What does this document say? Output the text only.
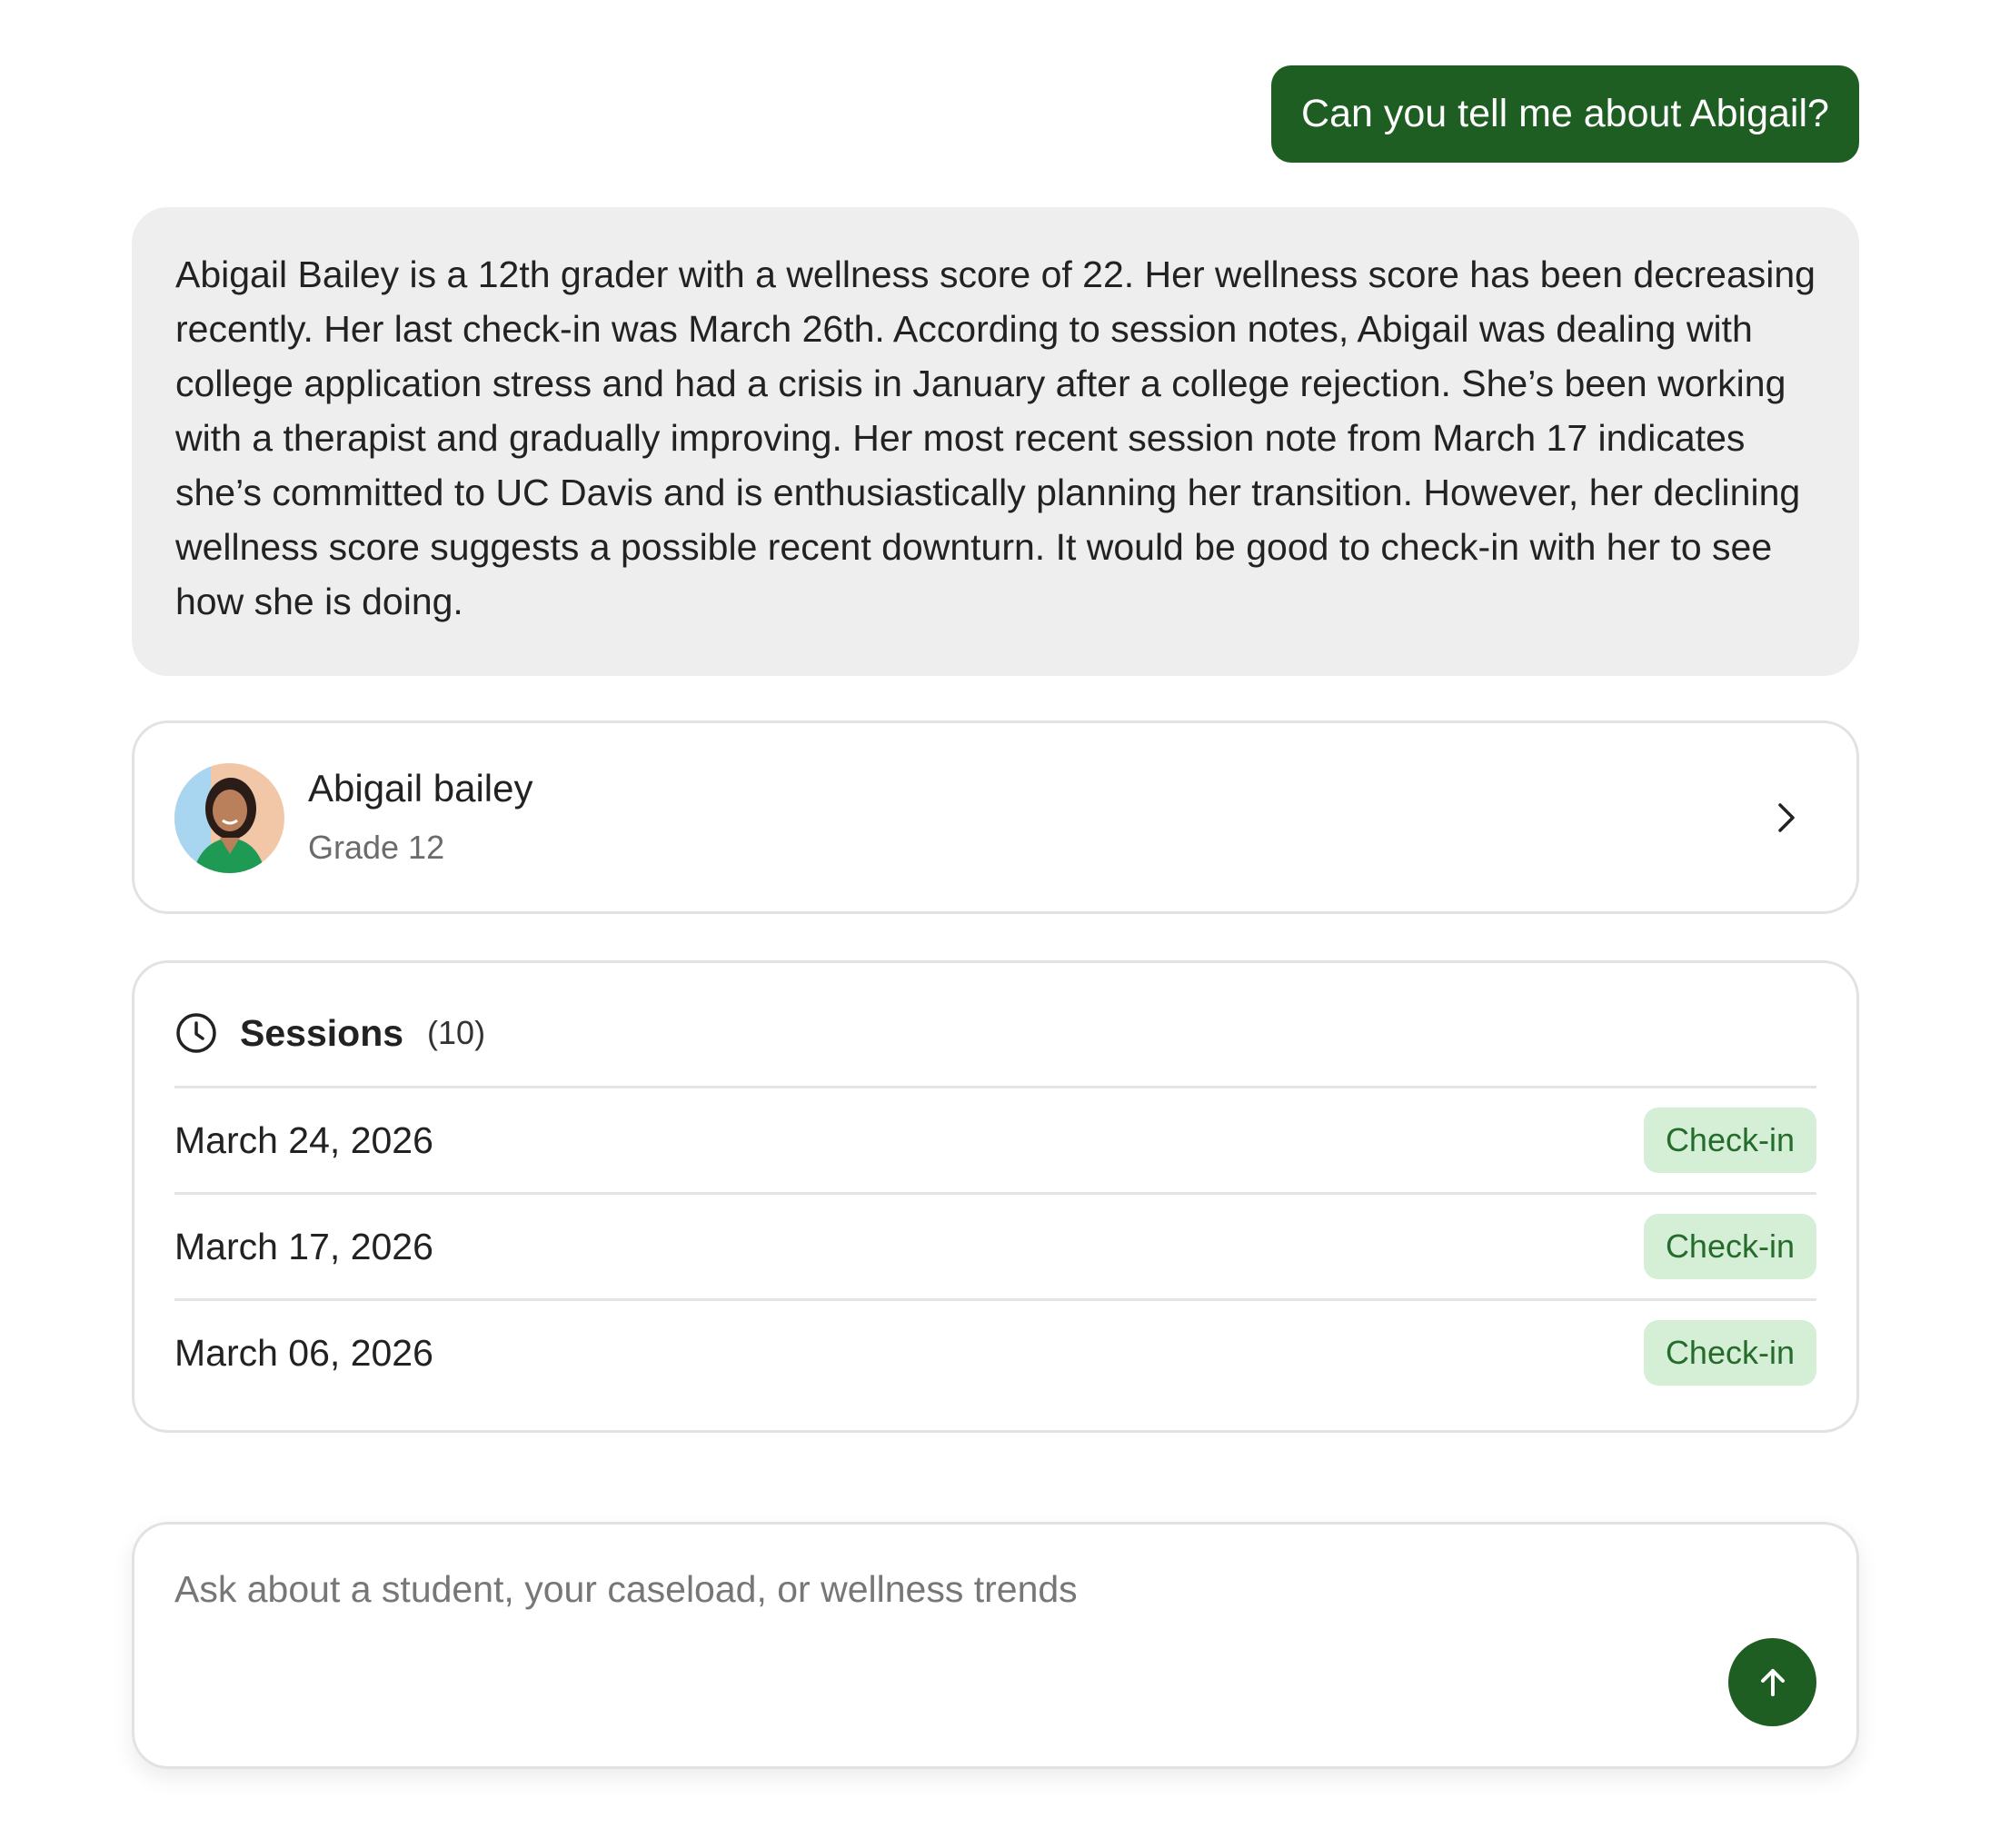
Can you tell me about Abigail?

Abigail Bailey is a 12th grader with a wellness score of 22. Her wellness score has been decreasing recently. Her last check-in was March 26th. According to session notes, Abigail was dealing with college application stress and had a crisis in January after a college rejection. She’s been working with a therapist and gradually improving. Her most recent session note from March 17 indicates she’s committed to UC Davis and is enthusiastically planning her transition. However, her declining wellness score suggests a possible recent downturn. It would be good to check-in with her to see how she is doing.

Abigail bailey
Grade 12
Sessions (10)
March 24, 2026	Check-in
March 17, 2026	Check-in
March 06, 2026	Check-in
Ask about a student, your caseload, or wellness trends
